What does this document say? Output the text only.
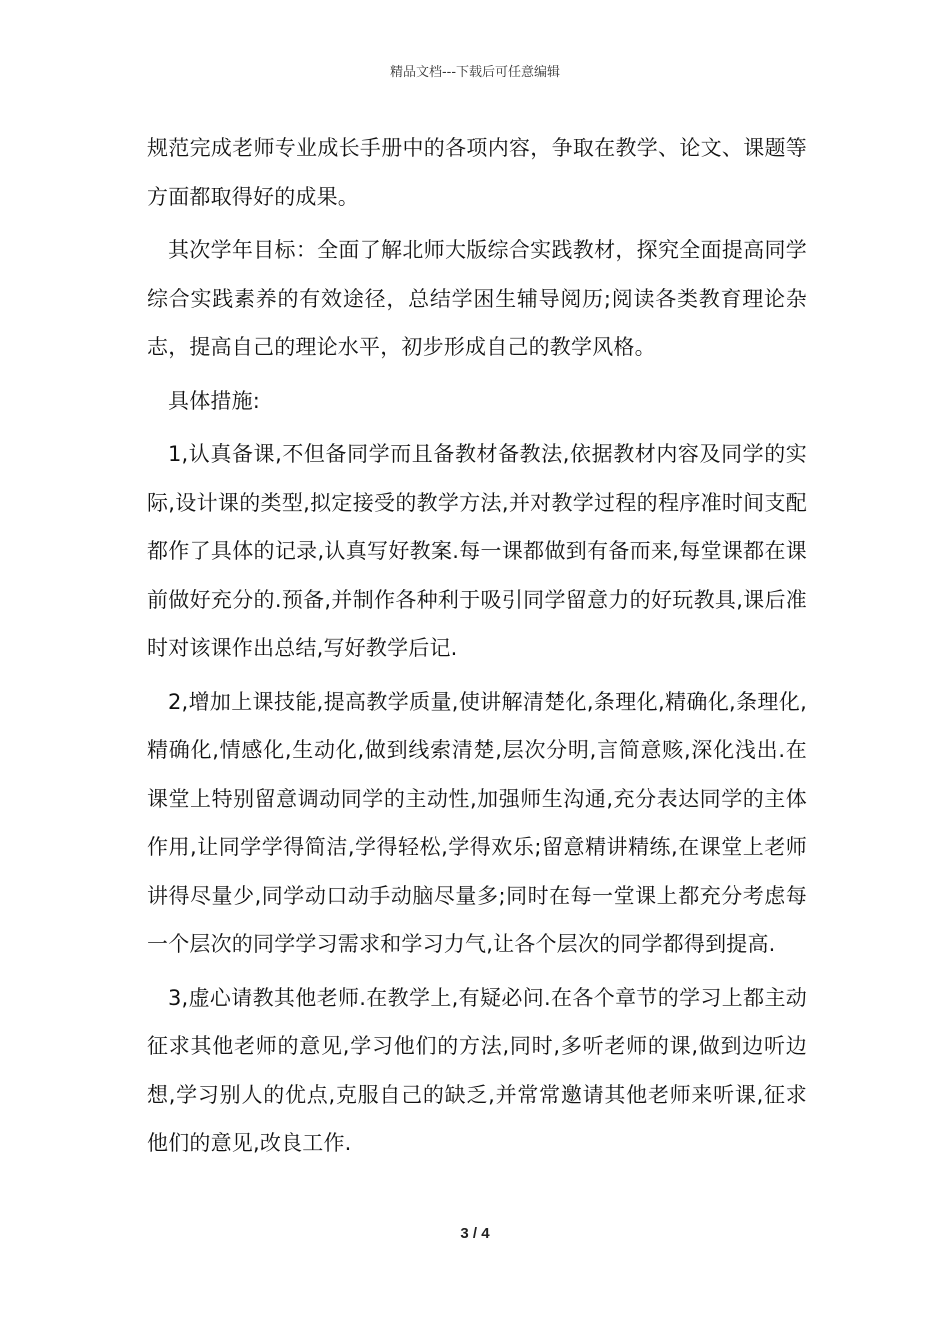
精品文档---下载后可任意编辑

规范完成老师专业成长手册中的各项内容，争取在教学、论文、课题等方面都取得好的成果。

其次学年目标：全面了解北师大版综合实践教材，探究全面提高同学综合实践素养的有效途径，总结学困生辅导阅历;阅读各类教育理论杂志，提高自己的理论水平，初步形成自己的教学风格。

具体措施:

1,认真备课,不但备同学而且备教材备教法,依据教材内容及同学的实际,设计课的类型,拟定接受的教学方法,并对教学过程的程序准时间支配都作了具体的记录,认真写好教案.每一课都做到有备而来,每堂课都在课前做好充分的.预备,并制作各种利于吸引同学留意力的好玩教具,课后准时对该课作出总结,写好教学后记.

2,增加上课技能,提高教学质量,使讲解清楚化,条理化,精确化,条理化,精确化,情感化,生动化,做到线索清楚,层次分明,言简意赅,深化浅出.在课堂上特别留意调动同学的主动性,加强师生沟通,充分表达同学的主体作用,让同学学得简洁,学得轻松,学得欢乐;留意精讲精练,在课堂上老师讲得尽量少,同学动口动手动脑尽量多;同时在每一堂课上都充分考虑每一个层次的同学学习需求和学习力气,让各个层次的同学都得到提高.

3,虚心请教其他老师.在教学上,有疑必问.在各个章节的学习上都主动征求其他老师的意见,学习他们的方法,同时,多听老师的课,做到边听边想,学习别人的优点,克服自己的缺乏,并常常邀请其他老师来听课,征求他们的意见,改良工作.

3 / 4
